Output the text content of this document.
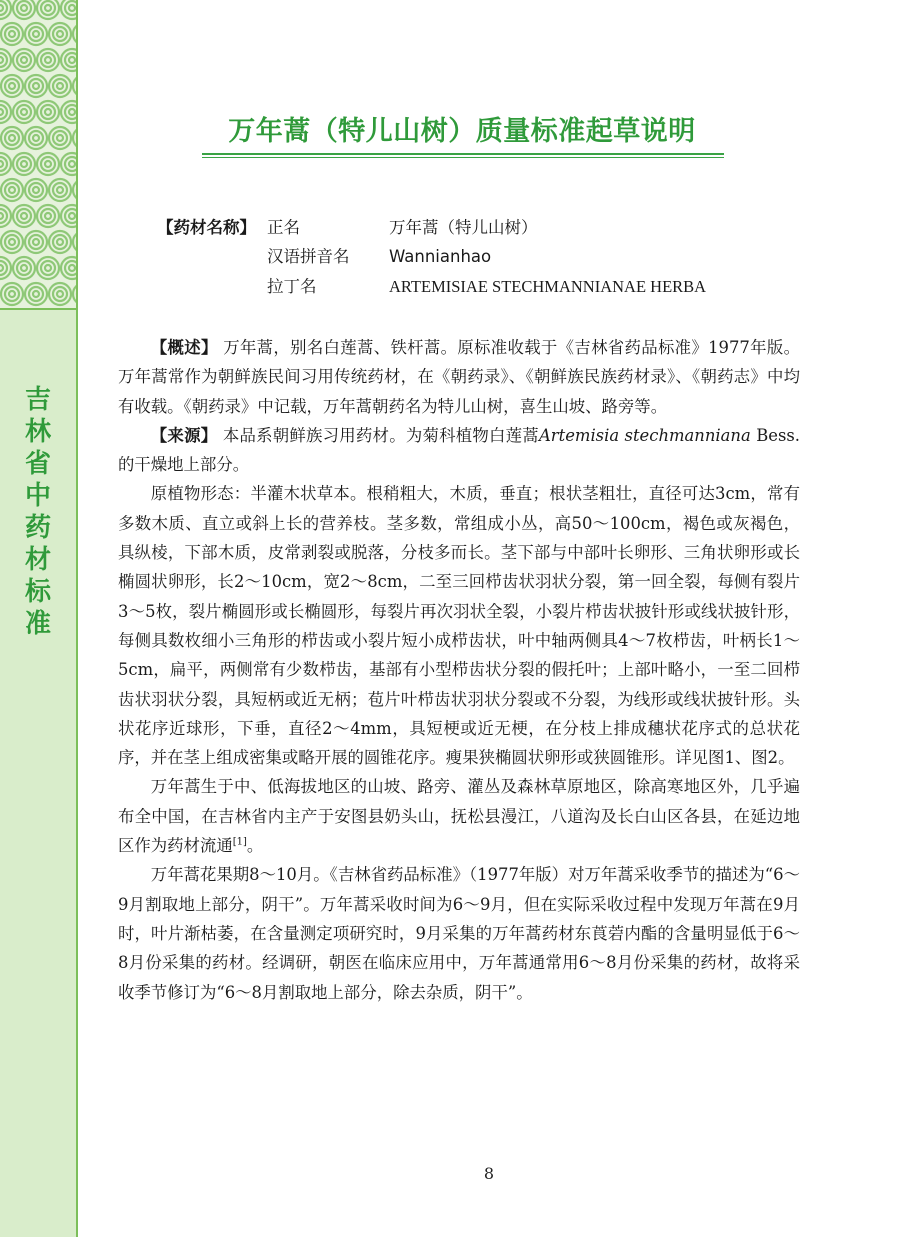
吉林省中药材标准
万年蒿（特儿山树）质量标准起草说明
【药材名称】 正名	万年蒿（特儿山树）
汉语拼音名 Wannianhao
拉丁名	ARTEMISIAE STECHMANNIANAE HERBA

【概述】 万年蒿，别名白莲蒿、铁杆蒿。原标准收载于《吉林省药品标准》1977年版。万年蒿常作为朝鲜族民间习用传统药材，在《朝药录》、《朝鲜族民族药材录》、《朝药志》中均有收载。《朝药录》中记载，万年蒿朝药名为特儿山树，喜生山坡、路旁等。

【来源】 本品系朝鲜族习用药材。为菊科植物白莲蒿Artemisia stechmanniana Bess. 的干燥地上部分。

原植物形态：半灌木状草本。根稍粗大，木质，垂直；根状茎粗壮，直径可达3cm，常有多数木质、直立或斜上长的营养枝。茎多数，常组成小丛，高50～100cm，褐色或灰褐色，具纵棱，下部木质，皮常剥裂或脱落，分枝多而长。茎下部与中部叶长卵形、三角状卵形或长椭圆状卵形，长2～10cm，宽2～8cm，二至三回栉齿状羽状分裂，第一回全裂，每侧有裂片3～5枚，裂片椭圆形或长椭圆形，每裂片再次羽状全裂，小裂片栉齿状披针形或线状披针形，每侧具数枚细小三角形的栉齿或小裂片短小成栉齿状，叶中轴两侧具4～7枚栉齿，叶柄长1～5cm，扁平，两侧常有少数栉齿，基部有小型栉齿状分裂的假托叶；上部叶略小，一至二回栉齿状羽状分裂，具短柄或近无柄；苞片叶栉齿状羽状分裂或不分裂，为线形或线状披针形。头状花序近球形，下垂，直径2～4mm，具短梗或近无梗，在分枝上排成穗状花序式的总状花序，并在茎上组成密集或略开展的圆锥花序。瘦果狭椭圆状卵形或狭圆锥形。详见图1、图2。

万年蒿生于中、低海拔地区的山坡、路旁、灌丛及森林草原地区，除高寒地区外，几乎遍布全中国，在吉林省内主产于安图县奶头山，抚松县漫江，八道沟及长白山区各县，在延边地区作为药材流通[1]。

万年蒿花果期8～10月。《吉林省药品标准》（1977年版）对万年蒿采收季节的描述为“6～9月割取地上部分，阴干”。万年蒿采收时间为6～9月，但在实际采收过程中发现万年蒿在9月时，叶片渐枯萎，在含量测定项研究时，9月采集的万年蒿药材东莨菪内酯的含量明显低于6～8月份采集的药材。经调研，朝医在临床应用中，万年蒿通常用6～8月份采集的药材，故将采收季节修订为“6～8月割取地上部分，除去杂质，阴干”。

8
